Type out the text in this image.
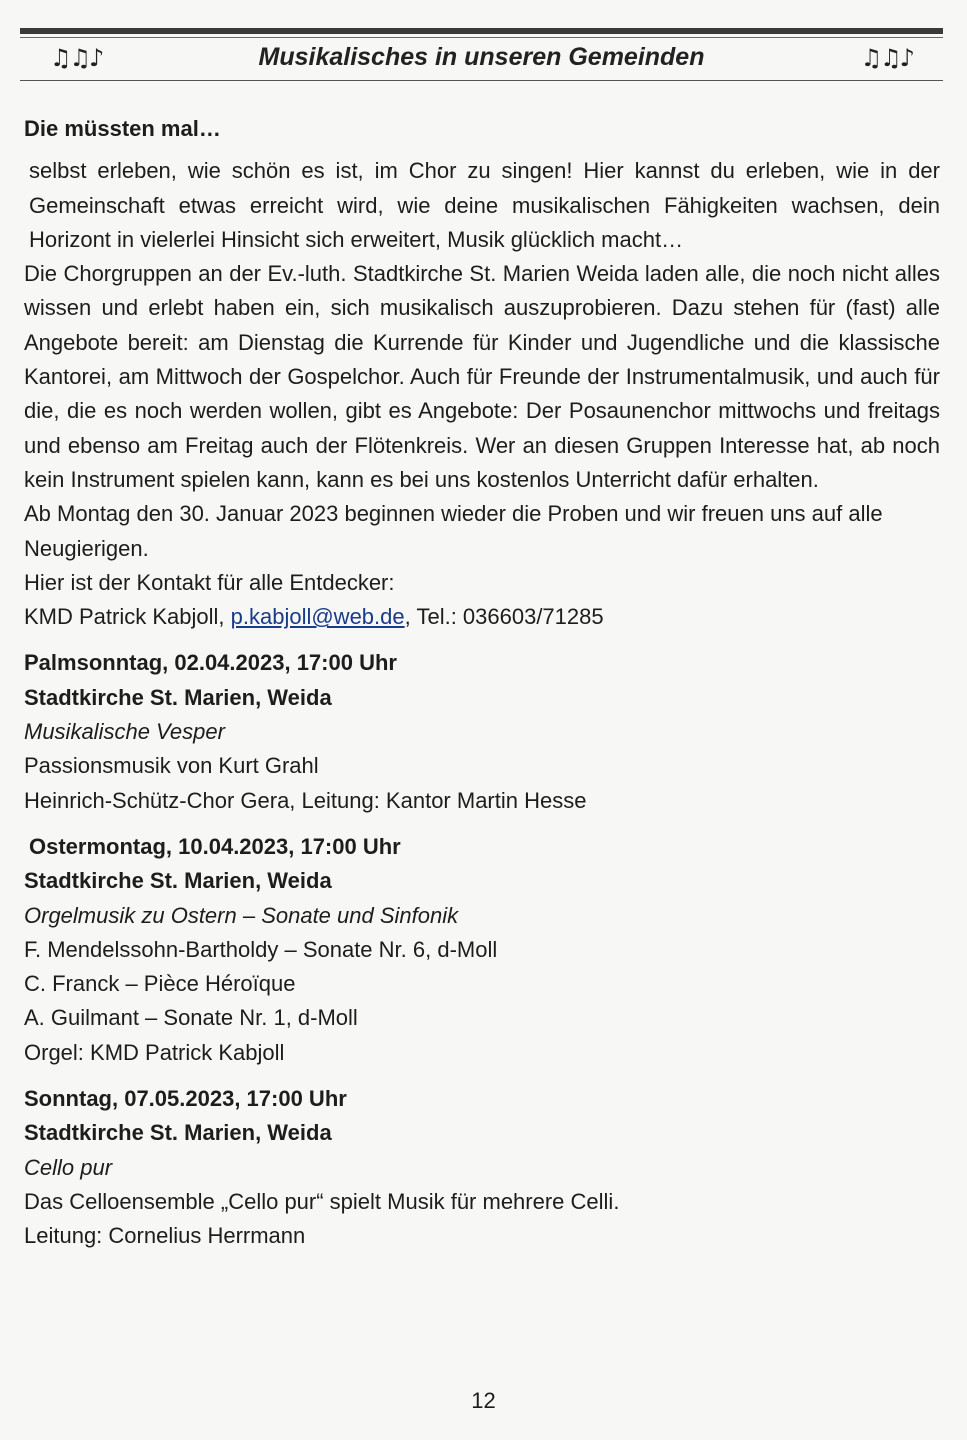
♫♫♪	Musikalisches in unseren Gemeinden	♫♫♪
Die müssten mal…

selbst erleben, wie schön es ist, im Chor zu singen! Hier kannst du erleben, wie in der Gemeinschaft etwas erreicht wird, wie deine musikalischen Fähigkeiten wachsen, dein Horizont in vielerlei Hinsicht sich erweitert, Musik glücklich macht…

Die Chorgruppen an der Ev.-luth. Stadtkirche St. Marien Weida laden alle, die noch nicht alles wissen und erlebt haben ein, sich musikalisch auszuprobieren. Dazu stehen für (fast) alle Angebote bereit: am Dienstag die Kurrende für Kinder und Jugendliche und die klassische Kantorei, am Mittwoch der Gospelchor. Auch für Freunde der Instrumentalmusik, und auch für die, die es noch werden wollen, gibt es Angebote: Der Posaunenchor mittwochs und freitags und ebenso am Freitag auch der Flötenkreis. Wer an diesen Gruppen Interesse hat, ab noch kein Instrument spielen kann, kann es bei uns kostenlos Unterricht dafür erhalten.

Ab Montag den 30. Januar 2023 beginnen wieder die Proben und wir freuen uns auf alle Neugierigen.

Hier ist der Kontakt für alle Entdecker:

KMD Patrick Kabjoll, p.kabjoll@web.de, Tel.: 036603/71285

Palmsonntag, 02.04.2023, 17:00 Uhr
Stadtkirche St. Marien, Weida
Musikalische Vesper
Passionsmusik von Kurt Grahl
Heinrich-Schütz-Chor Gera, Leitung: Kantor Martin Hesse
Ostermontag, 10.04.2023, 17:00 Uhr
Stadtkirche St. Marien, Weida
Orgelmusik zu Ostern – Sonate und Sinfonik
F. Mendelssohn-Bartholdy – Sonate Nr. 6, d-Moll
C. Franck – Pièce Héroïque
A. Guilmant – Sonate Nr. 1, d-Moll
Orgel: KMD Patrick Kabjoll
Sonntag, 07.05.2023, 17:00 Uhr
Stadtkirche St. Marien, Weida
Cello pur
Das Celloensemble „Cello pur“ spielt Musik für mehrere Celli.
Leitung: Cornelius Herrmann
12
